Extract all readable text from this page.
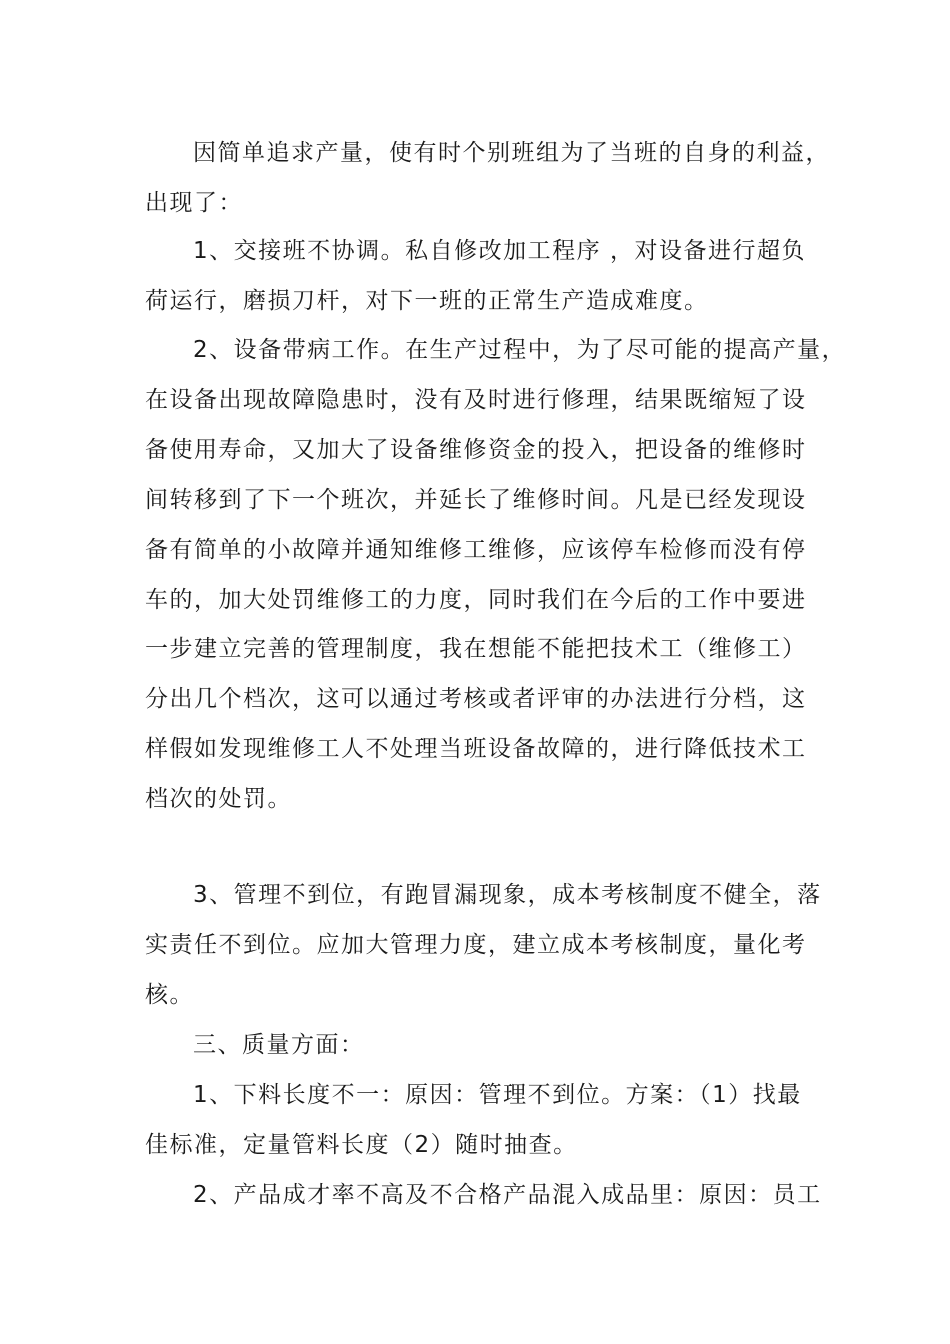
因简单追求产量，使有时个别班组为了当班的自身的利益，
出现了：
1、交接班不协调。私自修改加工程序 ，对设备进行超负
荷运行，磨损刀杆，对下一班的正常生产造成难度。
2、设备带病工作。在生产过程中，为了尽可能的提高产量，
在设备出现故障隐患时，没有及时进行修理，结果既缩短了设
备使用寿命，又加大了设备维修资金的投入，把设备的维修时
间转移到了下一个班次，并延长了维修时间。凡是已经发现设
备有简单的小故障并通知维修工维修，应该停车检修而没有停
车的，加大处罚维修工的力度，同时我们在今后的工作中要进
一步建立完善的管理制度，我在想能不能把技术工（维修工）
分出几个档次，这可以通过考核或者评审的办法进行分档，这
样假如发现维修工人不处理当班设备故障的，进行降低技术工
档次的处罚。
3、管理不到位，有跑冒漏现象，成本考核制度不健全，落
实责任不到位。应加大管理力度，建立成本考核制度，量化考
核。
三、质量方面：
1、下料长度不一：原因：管理不到位。方案：（1）找最
佳标准，定量管料长度（2）随时抽查。
2、产品成才率不高及不合格产品混入成品里：原因：员工
